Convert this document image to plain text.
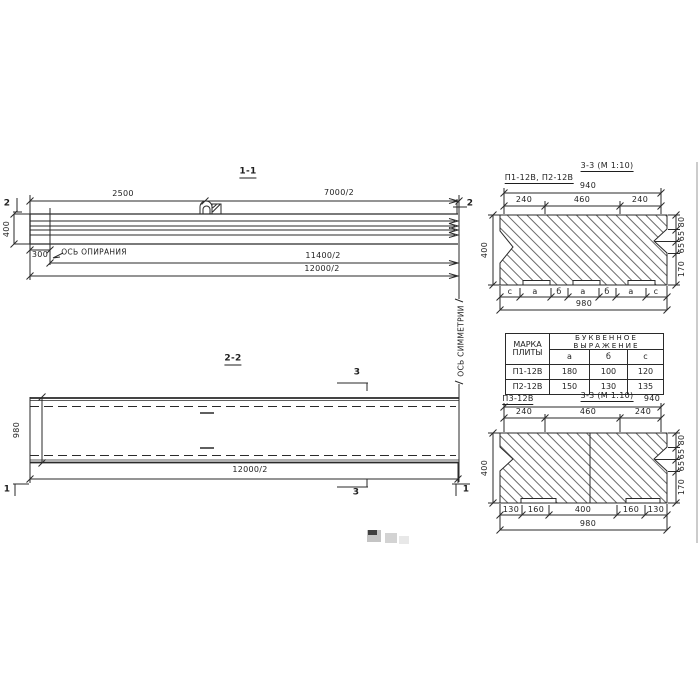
1-1
2500	7000/2
2	2
400
300 ОСЬ ОПИРАНИЯ	11400/2
12000/2
ОСЬ СИММЕТРИИ
2-2
3
3
980
12000/2
1	1
3-3 (М 1:10)
П1-12В, П2-12В
940
240	460	240
400
80
65
65
170
с	а б а б а	с
980
МАРКА
ПЛИТЫ	БУКВЕННОЕ ВЫРАЖЕНИЕ		
	а	б	с
П1-12В	180	100	120
П2-12В	150	130	135
П3-12В	3-3 (М 1:10) 940
240	460	240
400
80
65
65
170
130 160	400	160 130
980
